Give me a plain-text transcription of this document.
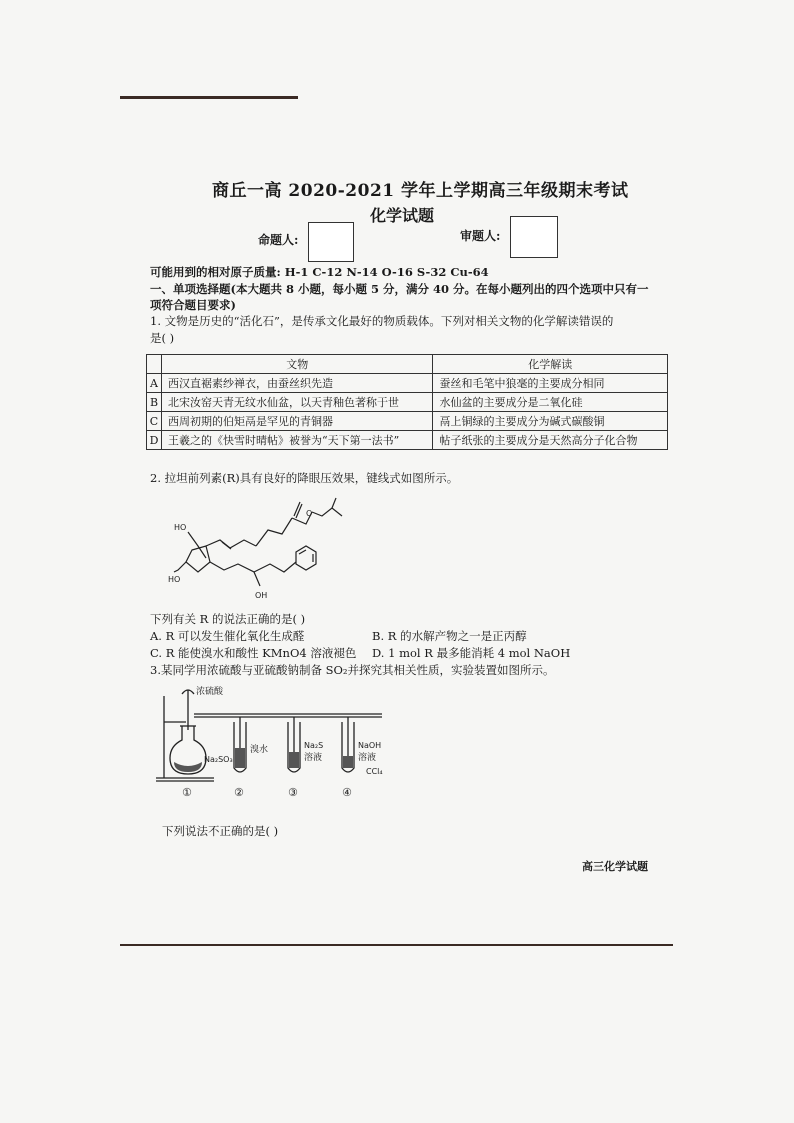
商丘一高 2020-2021 学年上学期高三年级期末考试
化学试题
命题人:	审题人:
可能用到的相对原子质量: H-1 C-12 N-14 O-16 S-32 Cu-64
一、单项选择题(本大题共 8 小题，每小题 5 分，满分 40 分。在每小题列出的四个选项中只有一
项符合题目要求)
1. 文物是历史的“活化石”，是传承文化最好的物质载体。下列对相关文物的化学解读错误的
是( )
	文物	化学解读
A	西汉直裾素纱禅衣，由蚕丝织先造	蚕丝和毛笔中狼毫的主要成分相同
B	北宋汝窑天青无纹水仙盆，以天青釉色著称于世	水仙盆的主要成分是二氧化硅
C	西周初期的伯矩鬲是罕见的青铜器	鬲上铜绿的主要成分为碱式碳酸铜
D	王羲之的《快雪时晴帖》被誉为“天下第一法书”	帖子纸张的主要成分是天然高分子化合物
2. 拉坦前列素(R)具有良好的降眼压效果，键线式如图所示。
HO
HO
OH
O
下列有关 R 的说法正确的是( )
A. R 可以发生催化氧化生成醛	B. R 的水解产物之一是正丙醇
C. R 能使溴水和酸性 KMnO4 溶液褪色 D. 1 mol R 最多能消耗 4 mol NaOH
3.某同学用浓硫酸与亚硫酸钠制备 SO₂并探究其相关性质，实验装置如图所示。
浓硫酸
Na₂SO₃
溴水	Na₂S
溶液
NaOH
溶液
CCl₄
①	②	③	④
下列说法不正确的是( )
高三化学试题
